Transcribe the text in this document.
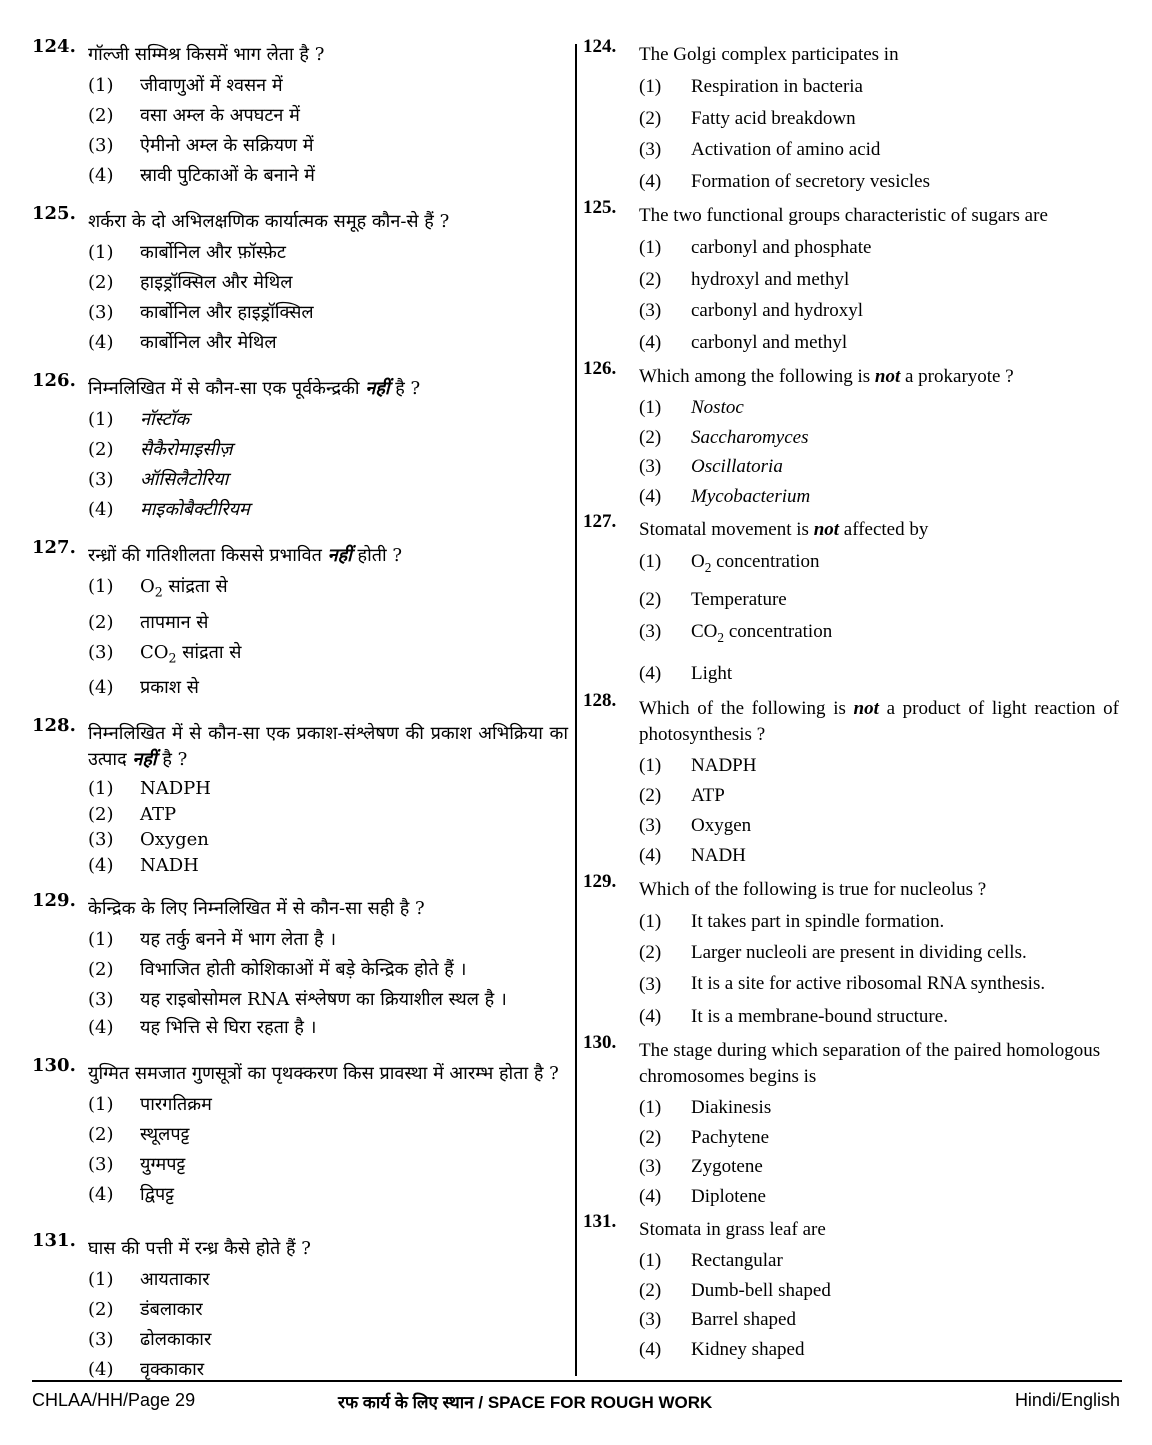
124. गॉल्जी सम्मिश्र किसमें भाग लेता है ?
(1) जीवाणुओं में श्वसन में
(2) वसा अम्ल के अपघटन में
(3) ऐमीनो अम्ल के सक्रियण में
(4) स्रावी पुटिकाओं के बनाने में
125. शर्करा के दो अभिलक्षणिक कार्यात्मक समूह कौन-से हैं ?
(1) कार्बोनिल और फ़ॉस्फ़ेट
(2) हाइड्रॉक्सिल और मेथिल
(3) कार्बोनिल और हाइड्रॉक्सिल
(4) कार्बोनिल और मेथिल
126. निम्नलिखित में से कौन-सा एक पूर्वकेन्द्रकी नहीं है ?
(1) नॉस्टॉक
(2) सैकैरोमाइसीज़
(3) ऑसिलैटोरिया
(4) माइकोबैक्टीरियम
127. रन्ध्रों की गतिशीलता किससे प्रभावित नहीं होती ?
(1) $O_2$ सांद्रता से
(2) तापमान से
(3) $CO_2$ सांद्रता से
(4) प्रकाश से
128. निम्नलिखित में से कौन-सा एक प्रकाश-संश्लेषण की प्रकाश अभिक्रिया का उत्पाद नहीं है ?
(1) NADPH
(2) ATP
(3) Oxygen
(4) NADH
129. केन्द्रिक के लिए निम्नलिखित में से कौन-सा सही है ?
(1) यह तर्कु बनने में भाग लेता है ।
(2) विभाजित होती कोशिकाओं में बड़े केन्द्रिक होते हैं ।
(3) यह राइबोसोमल RNA संश्लेषण का क्रियाशील स्थल है ।
(4) यह भित्ति से घिरा रहता है ।
130. युग्मित समजात गुणसूत्रों का पृथक्करण किस प्रावस्था में आरम्भ होता है ?
(1) पारगतिक्रम
(2) स्थूलपट्ट
(3) युग्मपट्ट
(4) द्विपट्ट
131. घास की पत्ती में रन्ध्र कैसे होते हैं ?
(1) आयताकार
(2) डंबलाकार
(3) ढोलकाकार
(4) वृक्काकार
124. The Golgi complex participates in
(1) Respiration in bacteria
(2) Fatty acid breakdown
(3) Activation of amino acid
(4) Formation of secretory vesicles
125. The two functional groups characteristic of sugars are
(1) carbonyl and phosphate
(2) hydroxyl and methyl
(3) carbonyl and hydroxyl
(4) carbonyl and methyl
126. Which among the following is not a prokaryote ?
(1) Nostoc
(2) Saccharomyces
(3) Oscillatoria
(4) Mycobacterium
127. Stomatal movement is not affected by
(1) $O_2$ concentration
(2) Temperature
(3) $CO_2$ concentration
(4) Light
128. Which of the following is not a product of light reaction of photosynthesis ?
(1) NADPH
(2) ATP
(3) Oxygen
(4) NADH
129. Which of the following is true for nucleolus ?
(1) It takes part in spindle formation.
(2) Larger nucleoli are present in dividing cells.
(3) It is a site for active ribosomal RNA synthesis.
(4) It is a membrane-bound structure.
130. The stage during which separation of the paired homologous chromosomes begins is
(1) Diakinesis
(2) Pachytene
(3) Zygotene
(4) Diplotene
131. Stomata in grass leaf are
(1) Rectangular
(2) Dumb-bell shaped
(3) Barrel shaped
(4) Kidney shaped
CHLAA/HH/Page 29	रफ कार्य के लिए स्थान / SPACE FOR ROUGH WORK	Hindi/English
